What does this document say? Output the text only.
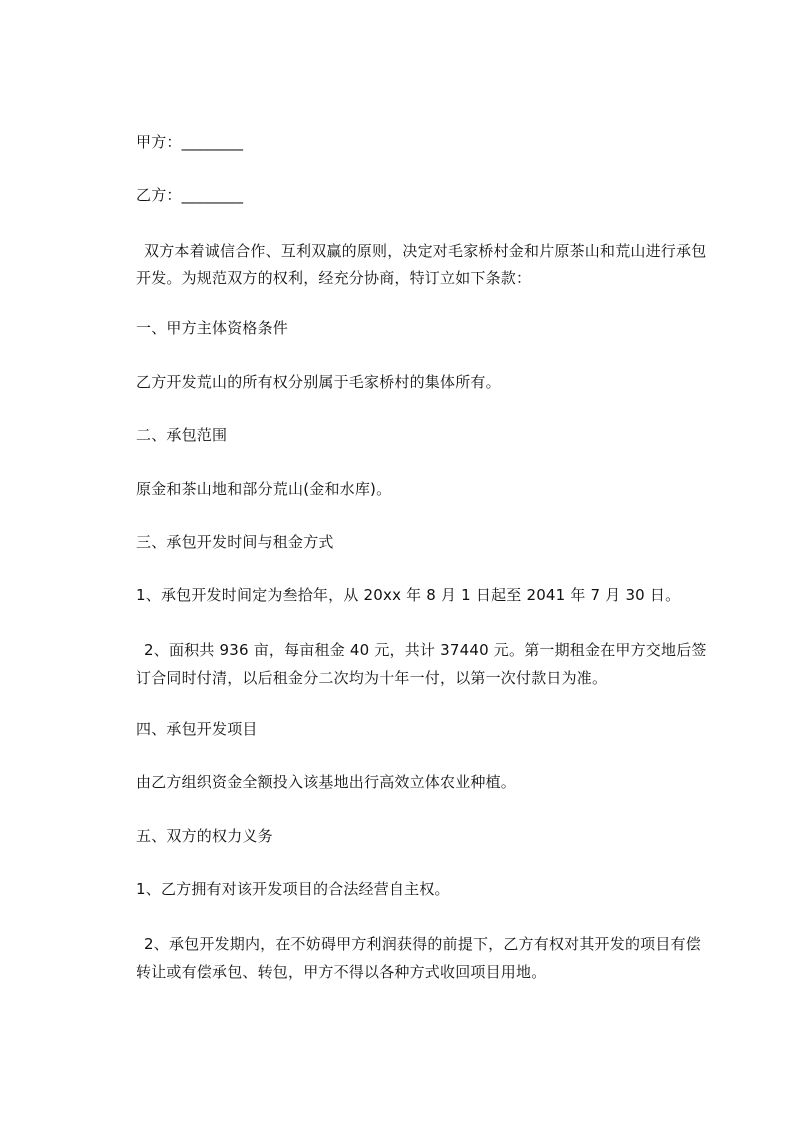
甲方：________
乙方：________
双方本着诚信合作、互利双赢的原则，决定对毛家桥村金和片原茶山和荒山进行承包开发。为规范双方的权利，经充分协商，特订立如下条款：
一、甲方主体资格条件
乙方开发荒山的所有权分别属于毛家桥村的集体所有。
二、承包范围
原金和茶山地和部分荒山(金和水库)。
三、承包开发时间与租金方式
1、承包开发时间定为叁拾年，从 20xx 年 8 月 1 日起至 2041 年 7 月 30 日。
2、面积共 936 亩，每亩租金 40 元，共计 37440 元。第一期租金在甲方交地后签订合同时付清，以后租金分二次均为十年一付，以第一次付款日为准。
四、承包开发项目
由乙方组织资金全额投入该基地出行高效立体农业种植。
五、双方的权力义务
1、乙方拥有对该开发项目的合法经营自主权。
2、承包开发期内，在不妨碍甲方利润获得的前提下，乙方有权对其开发的项目有偿转让或有偿承包、转包，甲方不得以各种方式收回项目用地。
